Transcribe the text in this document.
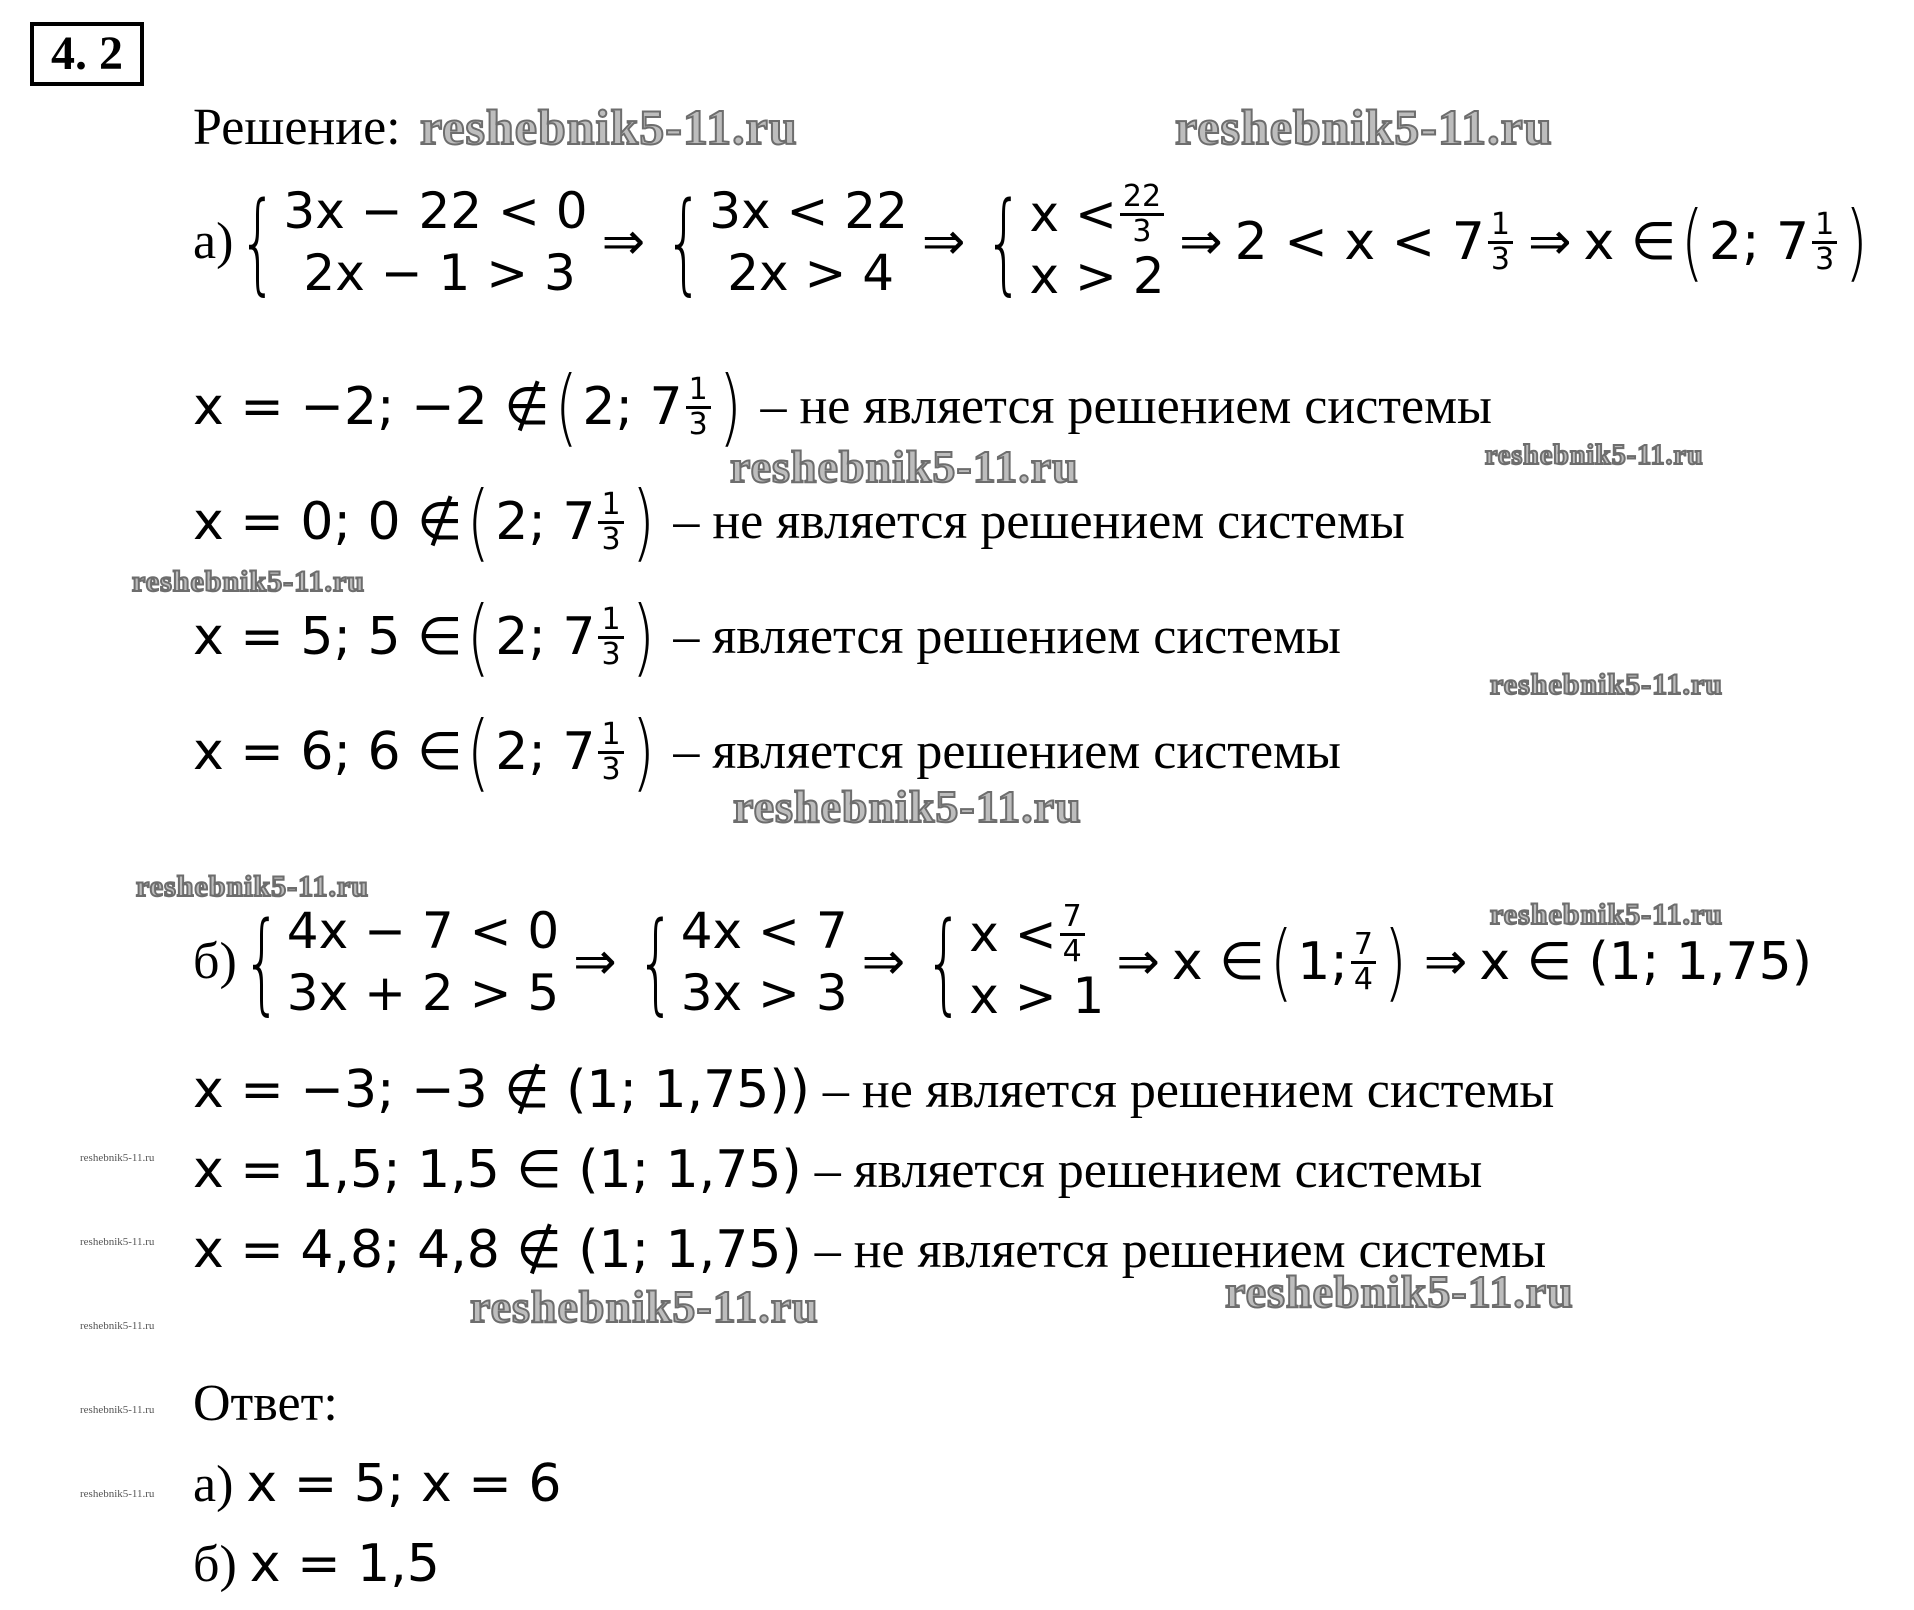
4. 2
Решение: reshebnik5-11.ru	reshebnik5-11.ru
reshebnik5-11.ru	reshebnik5-11.ru
reshebnik5-11.ru
reshebnik5-11.ru
reshebnik5-11.ru
reshebnik5-11.ru
reshebnik5-11.ru
reshebnik5-11.ru	reshebnik5-11.ru
reshebnik5-11.ru
reshebnik5-11.ru
reshebnik5-11.ru
reshebnik5-11.ru
reshebnik5-11.ru
а) { 3x − 22 < 0
2x − 1 > 3
⇒ { 3x < 22
2x > 4
⇒ { $x < \frac{22}{3}$
x > 2
⇒ $2 < x < 7 \frac{1}{3}$ ⇒ x ∈ ( 2; $7 \frac{1}{3}$ )
x = −2; −2 ∉ ( 2; $7 \frac{1}{3}$ ) – не является решением системы
x = 0; 0 ∉ ( 2; $7 \frac{1}{3}$ ) – не является решением системы
x = 5; 5 ∈ ( 2; $7 \frac{1}{3}$ ) – является решением системы
x = 6; 6 ∈ ( 2; $7 \frac{1}{3}$ ) – является решением системы
б) { 4x − 7 < 0
3x + 2 > 5
⇒ { 4x < 7
3x > 3
⇒ { $x < \frac{7}{4}$
x > 1
⇒ x ∈ ( 1; $\frac{7}{4}$ ) ⇒ x ∈ (1; 1,75)
x = −3; −3 ∉ (1; 1,75)) – не является решением системы
x = 1,5; 1,5 ∈ (1; 1,75) – является решением системы
x = 4,8; 4,8 ∉ (1; 1,75) – не является решением системы
Ответ:
а) x = 5; x = 6
б) x = 1,5
